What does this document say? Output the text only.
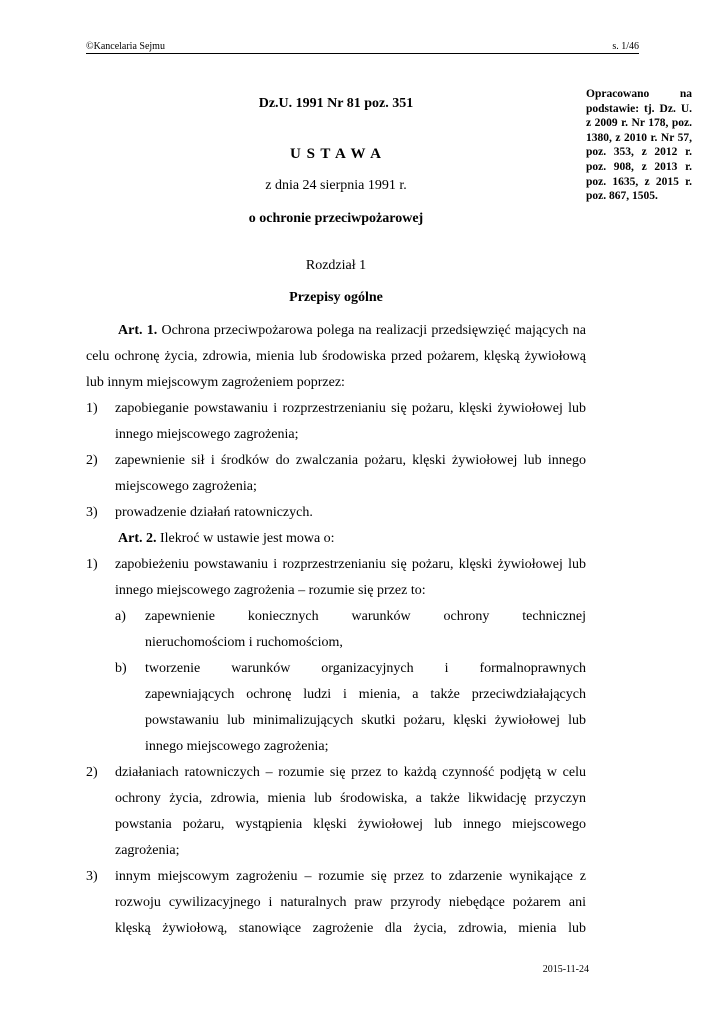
©Kancelaria Sejmu	s. 1/46
Opracowano na podstawie: tj. Dz. U. z 2009 r. Nr 178, poz. 1380, z 2010 r. Nr 57, poz. 353, z 2012 r. poz. 908, z 2013 r. poz. 1635, z 2015 r. poz. 867, 1505.
Dz.U. 1991 Nr 81 poz. 351
U S T A W A
z dnia 24 sierpnia 1991 r.
o ochronie przeciwpożarowej
Rozdział 1
Przepisy ogólne

Art. 1. Ochrona przeciwpożarowa polega na realizacji przedsięwzięć mających na celu ochronę życia, zdrowia, mienia lub środowiska przed pożarem, klęską żywiołową lub innym miejscowym zagrożeniem poprzez:

1)	zapobieganie powstawaniu i rozprzestrzenianiu się pożaru, klęski żywiołowej lub innego miejscowego zagrożenia;
2)	zapewnienie sił i środków do zwalczania pożaru, klęski żywiołowej lub innego miejscowego zagrożenia;
3)	prowadzenie działań ratowniczych.

Art. 2. Ilekroć w ustawie jest mowa o:

1)	zapobieżeniu powstawaniu i rozprzestrzenianiu się pożaru, klęski żywiołowej lub innego miejscowego zagrożenia – rozumie się przez to:
a)	zapewnienie koniecznych warunków ochrony technicznej
nieruchomościom i ruchomościom,
b)	tworzenie warunków organizacyjnych i formalnoprawnych
zapewniających ochronę ludzi i mienia, a także przeciwdziałających powstawaniu lub minimalizujących skutki pożaru, klęski żywiołowej lub innego miejscowego zagrożenia;
2)	działaniach ratowniczych – rozumie się przez to każdą czynność podjętą w celu ochrony życia, zdrowia, mienia lub środowiska, a także likwidację przyczyn powstania pożaru, wystąpienia klęski żywiołowej lub innego miejscowego zagrożenia;
3)	innym miejscowym zagrożeniu – rozumie się przez to zdarzenie wynikające z rozwoju cywilizacyjnego i naturalnych praw przyrody niebędące pożarem ani klęską żywiołową, stanowiące zagrożenie dla życia, zdrowia, mienia lub
2015-11-24
